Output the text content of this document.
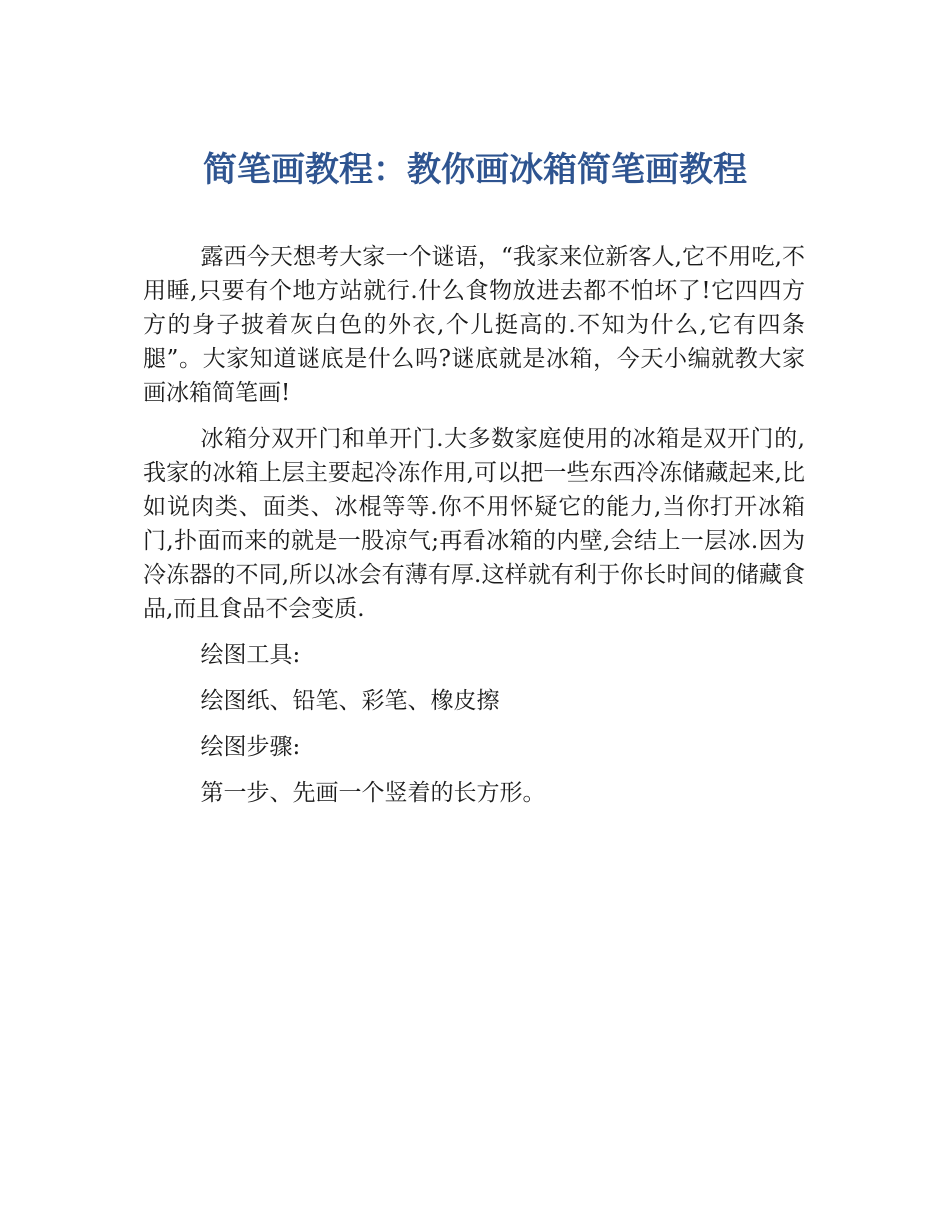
简笔画教程：教你画冰箱简笔画教程

露西今天想考大家一个谜语，“我家来位新客人,它不用吃,不用睡,只要有个地方站就行.什么食物放进去都不怕坏了!它四四方方的身子披着灰白色的外衣,个儿挺高的.不知为什么,它有四条腿”。大家知道谜底是什么吗?谜底就是冰箱，今天小编就教大家画冰箱简笔画!

冰箱分双开门和单开门.大多数家庭使用的冰箱是双开门的,我家的冰箱上层主要起冷冻作用,可以把一些东西冷冻储藏起来,比如说肉类、面类、冰棍等等.你不用怀疑它的能力,当你打开冰箱门,扑面而来的就是一股凉气;再看冰箱的内壁,会结上一层冰.因为冷冻器的不同,所以冰会有薄有厚.这样就有利于你长时间的储藏食品,而且食品不会变质.

绘图工具:

绘图纸、铅笔、彩笔、橡皮擦

绘图步骤:

第一步、先画一个竖着的长方形。
